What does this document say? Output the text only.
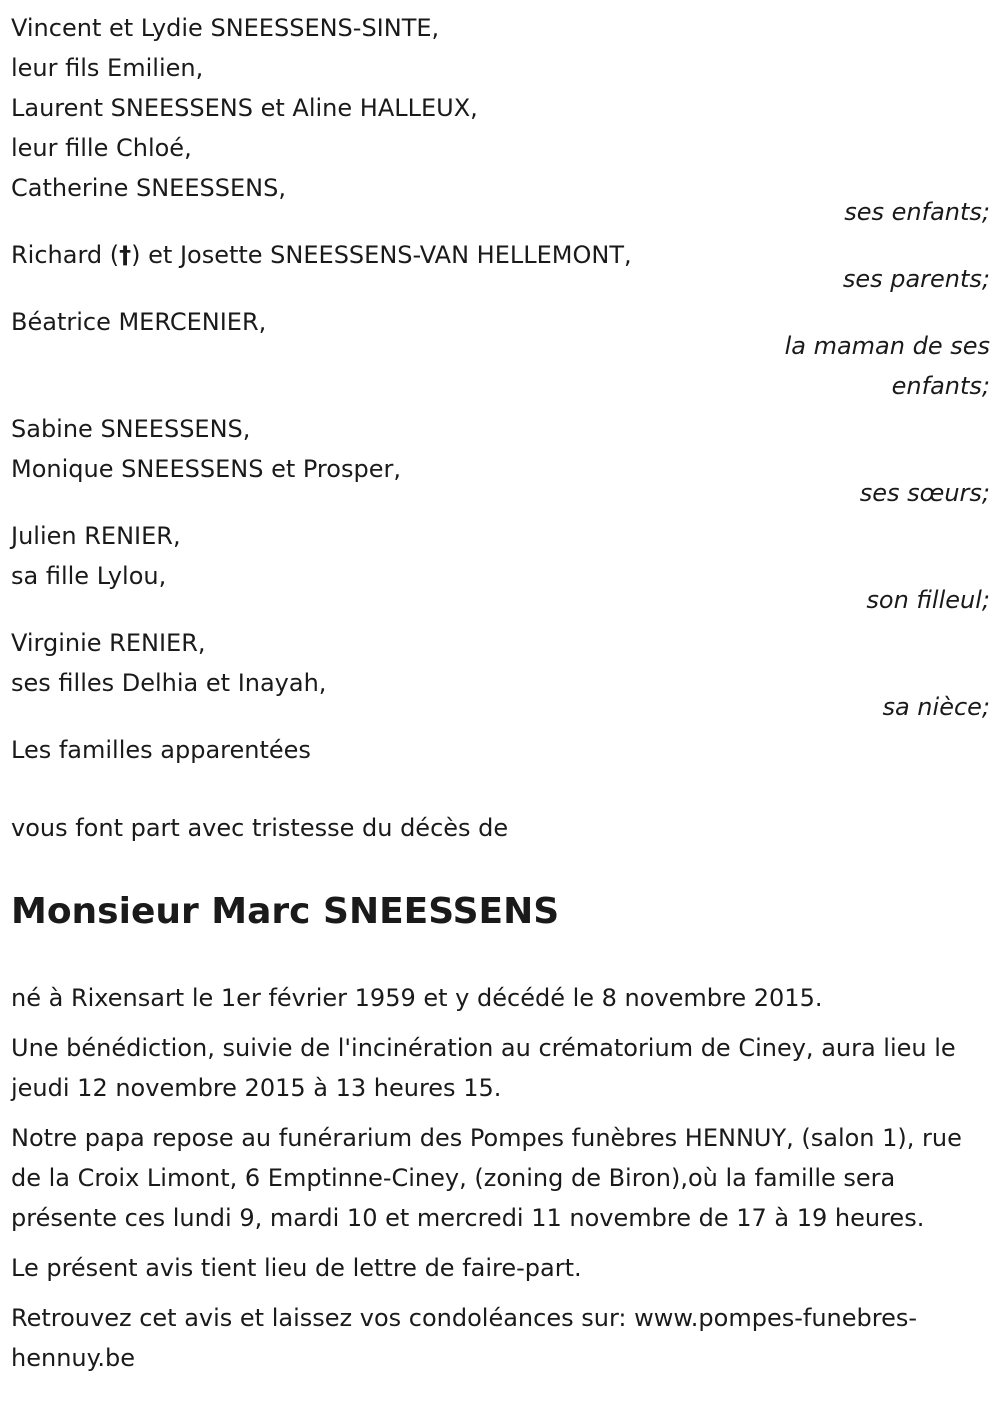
Vincent et Lydie SNEESSENS-SINTE,
leur fils Emilien,
Laurent SNEESSENS et Aline HALLEUX,
leur fille Chloé,
Catherine SNEESSENS,
ses enfants;
Richard (†) et Josette SNEESSENS-VAN HELLEMONT,
ses parents;
Béatrice MERCENIER,
la maman de ses
enfants;
Sabine SNEESSENS,
Monique SNEESSENS et Prosper,
ses sœurs;
Julien RENIER,
sa fille Lylou,
son filleul;
Virginie RENIER,
ses filles Delhia et Inayah,
sa nièce;
Les familles apparentées
vous font part avec tristesse du décès de
Monsieur Marc SNEESSENS
né à Rixensart le 1er février 1959 et y décédé le 8 novembre 2015.
Une bénédiction, suivie de l'incinération au crématorium de Ciney, aura lieu le jeudi 12 novembre 2015 à 13 heures 15.
Notre papa repose au funérarium des Pompes funèbres HENNUY, (salon 1), rue de la Croix Limont, 6 Emptinne-Ciney, (zoning de Biron),où la famille sera présente ces lundi 9, mardi 10 et mercredi 11 novembre de 17 à 19 heures.
Le présent avis tient lieu de lettre de faire-part.
Retrouvez cet avis et laissez vos condoléances sur: www.pompes-funebres-hennuy.be
